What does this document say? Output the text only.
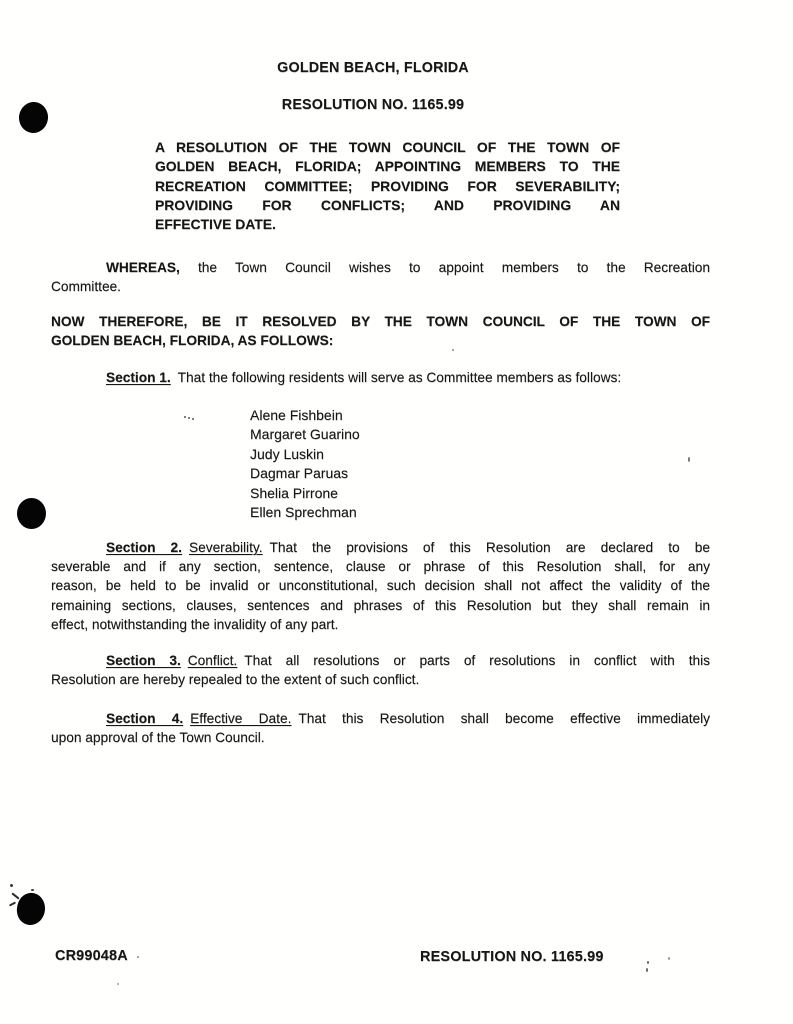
GOLDEN BEACH, FLORIDA
RESOLUTION NO. 1165.99
A RESOLUTION OF THE TOWN COUNCIL OF THE TOWN OF
GOLDEN BEACH, FLORIDA; APPOINTING MEMBERS TO THE
RECREATION COMMITTEE; PROVIDING FOR SEVERABILITY;
PROVIDING FOR CONFLICTS; AND PROVIDING AN
EFFECTIVE DATE.
WHEREAS, the Town Council wishes to appoint members to the Recreation
Committee.
NOW THEREFORE, BE IT RESOLVED BY THE TOWN COUNCIL OF THE TOWN OF
GOLDEN BEACH, FLORIDA, AS FOLLOWS:
Section 1. That the following residents will serve as Committee members as follows:
Alene Fishbein
Margaret Guarino
Judy Luskin
Dagmar Paruas
Shelia Pirrone
Ellen Sprechman
Section 2. Severability. That the provisions of this Resolution are declared to be
severable and if any section, sentence, clause or phrase of this Resolution shall, for any
reason, be held to be invalid or unconstitutional, such decision shall not affect the validity of the
remaining sections, clauses, sentences and phrases of this Resolution but they shall remain in
effect, notwithstanding the invalidity of any part.
Section 3. Conflict. That all resolutions or parts of resolutions in conflict with this
Resolution are hereby repealed to the extent of such conflict.
Section 4. Effective Date. That this Resolution shall become effective immediately
upon approval of the Town Council.
CR99048A	RESOLUTION NO. 1165.99
